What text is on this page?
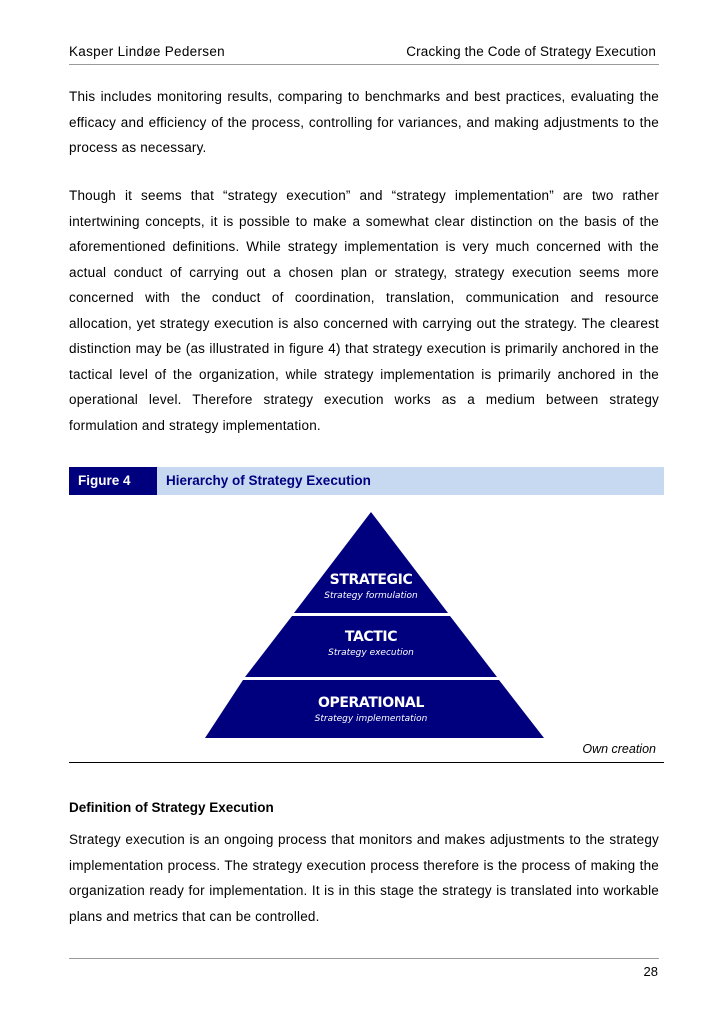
Kasper Lindøe Pedersen	Cracking the Code of Strategy Execution

This includes monitoring results, comparing to benchmarks and best practices, evaluating the efficacy and efficiency of the process, controlling for variances, and making adjustments to the process as necessary.

Though it seems that “strategy execution” and “strategy implementation” are two rather intertwining concepts, it is possible to make a somewhat clear distinction on the basis of the aforementioned definitions. While strategy implementation is very much concerned with the actual conduct of carrying out a chosen plan or strategy, strategy execution seems more concerned with the conduct of coordination, translation, communication and resource allocation, yet strategy execution is also concerned with carrying out the strategy. The clearest distinction may be (as illustrated in figure 4) that strategy execution is primarily anchored in the tactical level of the organization, while strategy implementation is primarily anchored in the operational level. Therefore strategy execution works as a medium between strategy formulation and strategy implementation.

Figure 4	Hierarchy of Strategy Execution
STRATEGIC
Strategy formulation
TACTIC
Strategy execution
OPERATIONAL
Strategy implementation
Own creation

Definition of Strategy Execution

Strategy execution is an ongoing process that monitors and makes adjustments to the strategy implementation process. The strategy execution process therefore is the process of making the organization ready for implementation. It is in this stage the strategy is translated into workable plans and metrics that can be controlled.

28
